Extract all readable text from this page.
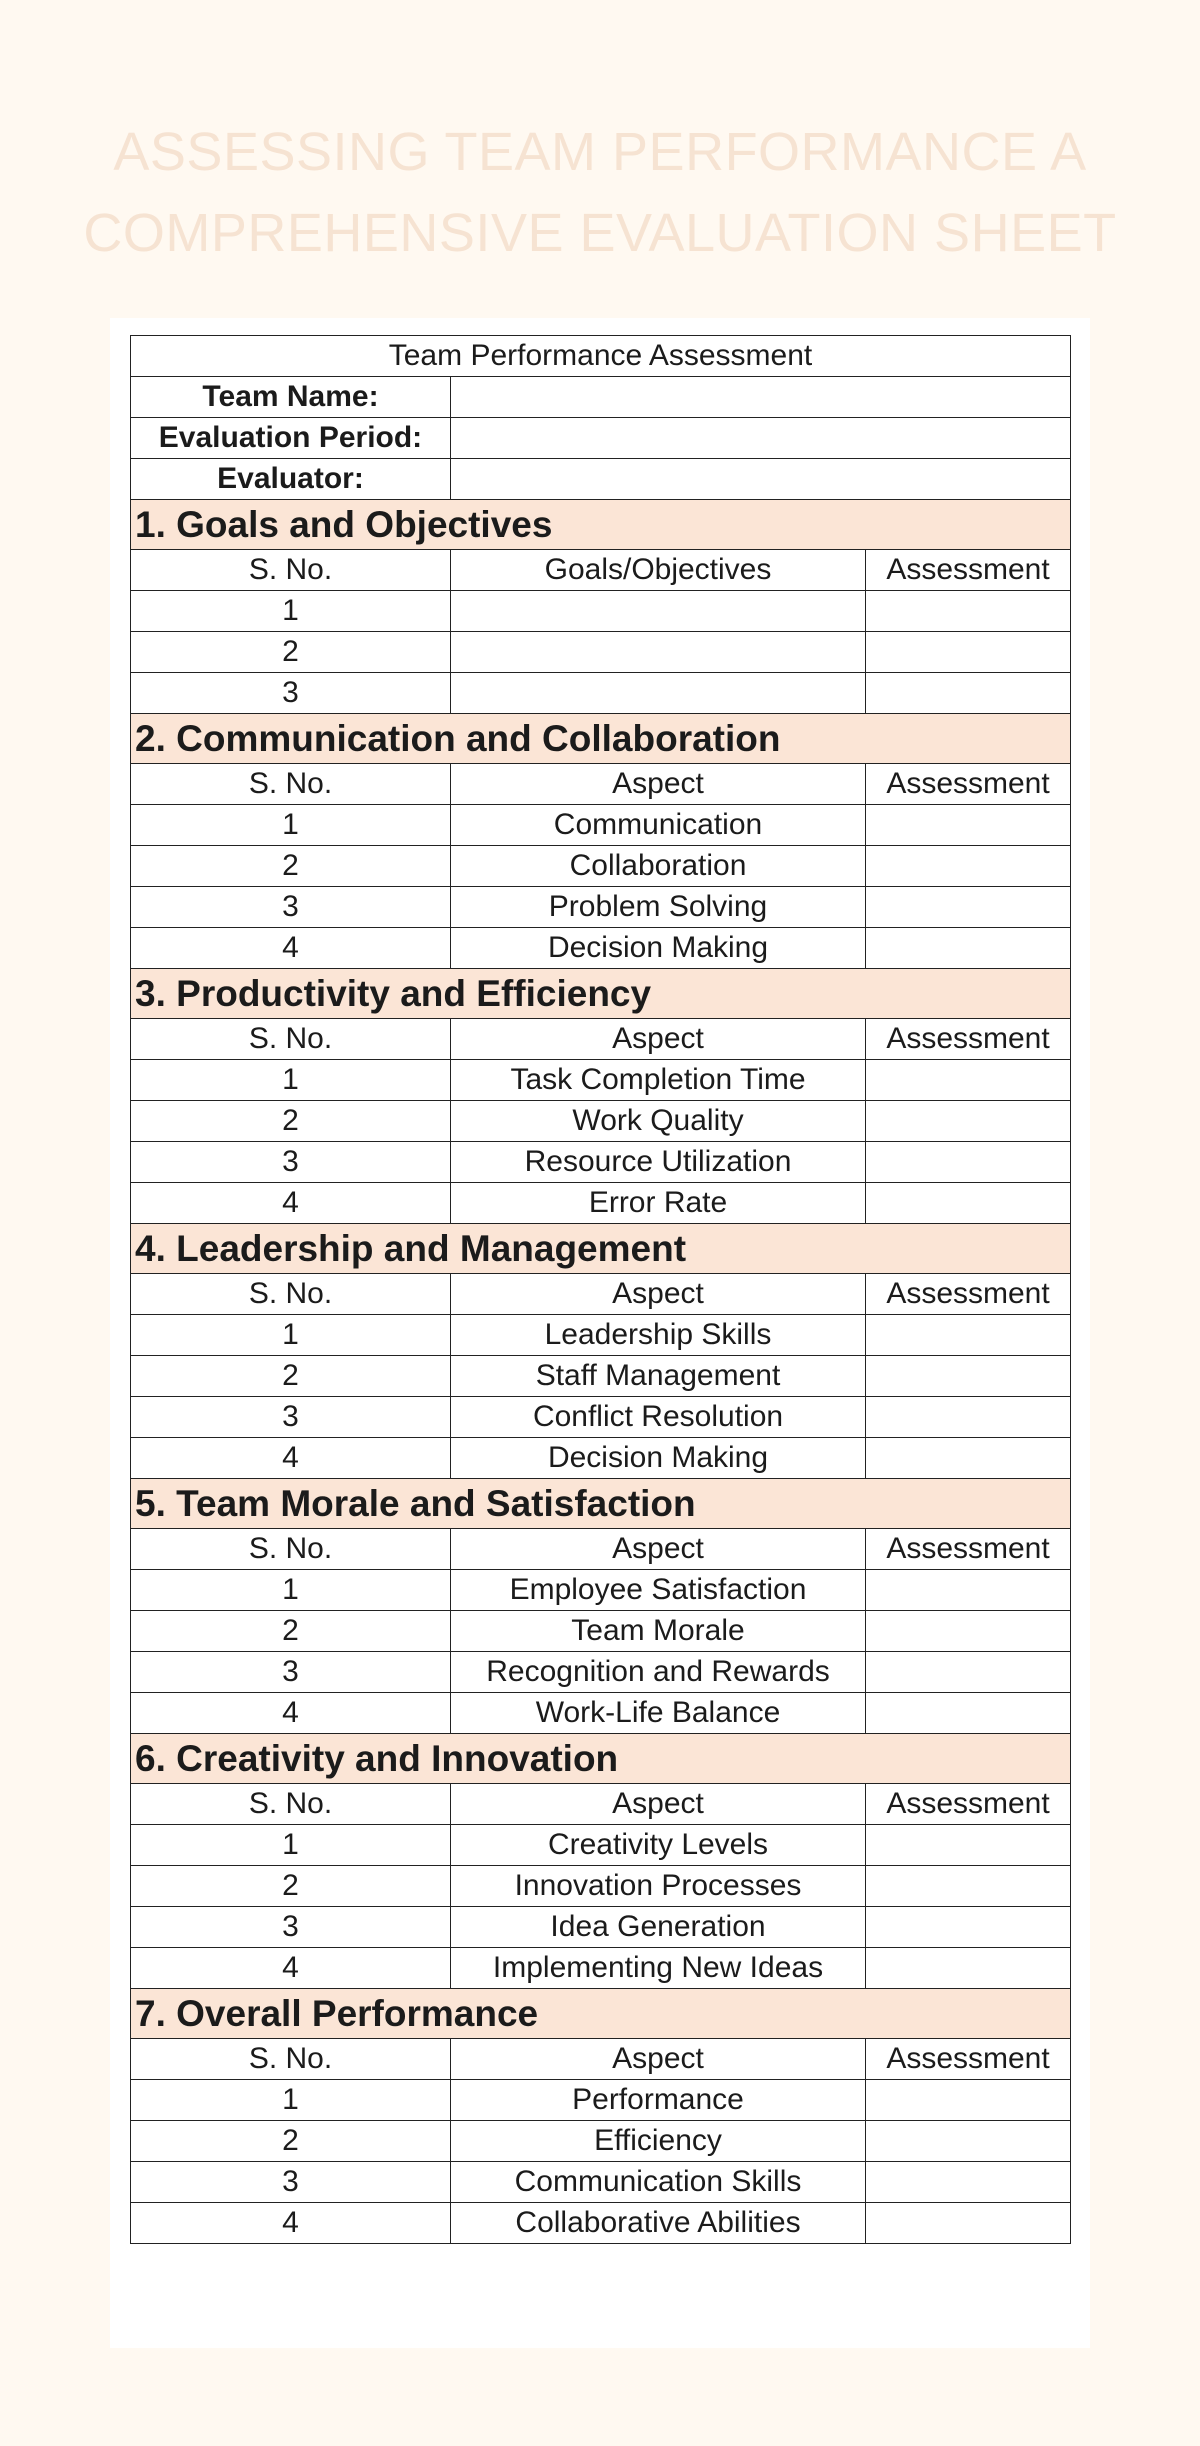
ASSESSING TEAM PERFORMANCE A
COMPREHENSIVE EVALUATION SHEET
Team Performance Assessment		
Team Name:		
Evaluation Period:		
Evaluator:		
1. Goals and Objectives		
S. No.	Goals/Objectives	Assessment
1		
2		
3		
2. Communication and Collaboration		
S. No.	Aspect	Assessment
1	Communication	
2	Collaboration	
3	Problem Solving	
4	Decision Making	
3. Productivity and Efficiency		
S. No.	Aspect	Assessment
1	Task Completion Time	
2	Work Quality	
3	Resource Utilization	
4	Error Rate	
4. Leadership and Management		
S. No.	Aspect	Assessment
1	Leadership Skills	
2	Staff Management	
3	Conflict Resolution	
4	Decision Making	
5. Team Morale and Satisfaction		
S. No.	Aspect	Assessment
1	Employee Satisfaction	
2	Team Morale	
3	Recognition and Rewards	
4	Work-Life Balance	
6. Creativity and Innovation		
S. No.	Aspect	Assessment
1	Creativity Levels	
2	Innovation Processes	
3	Idea Generation	
4	Implementing New Ideas	
7. Overall Performance		
S. No.	Aspect	Assessment
1	Performance	
2	Efficiency	
3	Communication Skills	
4	Collaborative Abilities	
